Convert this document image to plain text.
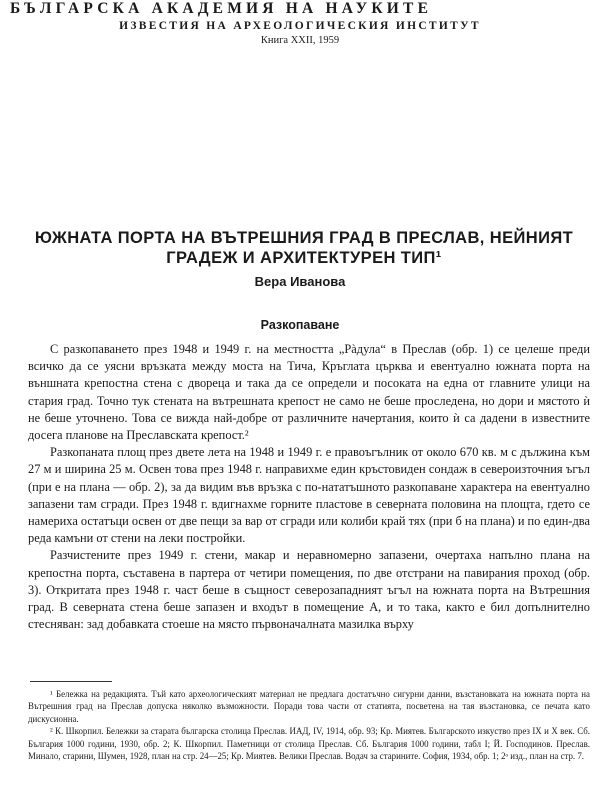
БЪЛГАРСКА АКАДЕМИЯ НА НАУКИТЕ
ИЗВЕСТИЯ НА АРХЕОЛОГИЧЕСКИЯ ИНСТИТУТ
Книга XXII, 1959
ЮЖНАТА ПОРТА НА ВЪТРЕШНИЯ ГРАД В ПРЕСЛАВ, НЕЙНИЯТ ГРАДЕЖ И АРХИТЕКТУРЕН ТИП¹
Вера Иванова
Разкопаване

С разкопаването през 1948 и 1949 г. на местността „Рàдула“ в Преслав (обр. 1) се целеше преди всичко да се уясни връзката между моста на Тича, Кръглата църква и евентуално южната порта на външната крепостна стена с дворeца и така да се определи и посоката на една от главните улици на стария град. Точно тук стената на вътрешната крепост не само не беше проследена, но дори и мястото ѝ не беше уточнено. Това се вижда най-добре от различните начертания, които ѝ са дадени в известните досега планове на Преславската крепост.²

Разкопаната площ през двете лета на 1948 и 1949 г. е правоъгълник от около 670 кв. м с дължина към 27 м и ширина 25 м. Освен това през 1948 г. направихме един кръстовиден сондаж в североизточния ъгъл (при е на плана — обр. 2), за да видим във връзка с по-нататъшното разкопаване характера на евентуално запазени там сгради. През 1948 г. вдигнахме горните пластове в северната половина на площта, гдето се намериха остатъци освен от две пещи за вар от сгради или колиби край тях (при б на плана) и по един-два реда камъни от стени на леки постройки.

Разчистените през 1949 г. стени, макар и неравномерно запазени, очертаха напълно плана на крепостна порта, съставена в партера от четири помещения, по две отстрани на павирания проход (обр. 3). Откритата през 1948 г. част беше в същност северозападният ъгъл на южната порта на Вътрешния град. В северната стена беше запазен и входът в помещение А, и то така, както е бил допълнително стесняван: зад добавката стоеше на място първоначалната мазилка върху

¹ Бележка на редакцията. Тъй като археологическият материал не предлага достатъчно сигурни данни, възстановката на южната порта на Вътрешния град на Преслав допуска няколко възможности. Поради това части от статията, посветена на тая възстановка, се печата като дискусионна.

² К. Шкорпил. Бележки за старата българска столица Преслав. ИАД, IV, 1914, обр. 93; Кр. Миятев. Българското изкуство през IX и X век. Сб. България 1000 години, 1930, обр. 2; К. Шкорпил. Паметници от столица Преслав. Сб. България 1000 години, табл I; Й. Господинов. Преслав. Минало, старини, Шумен, 1928, план на стр. 24—25; Кр. Миятев. Велики Преслав. Водач за старините. София, 1934, обр. 1; 2ᵒ изд., план на стр. 7.
